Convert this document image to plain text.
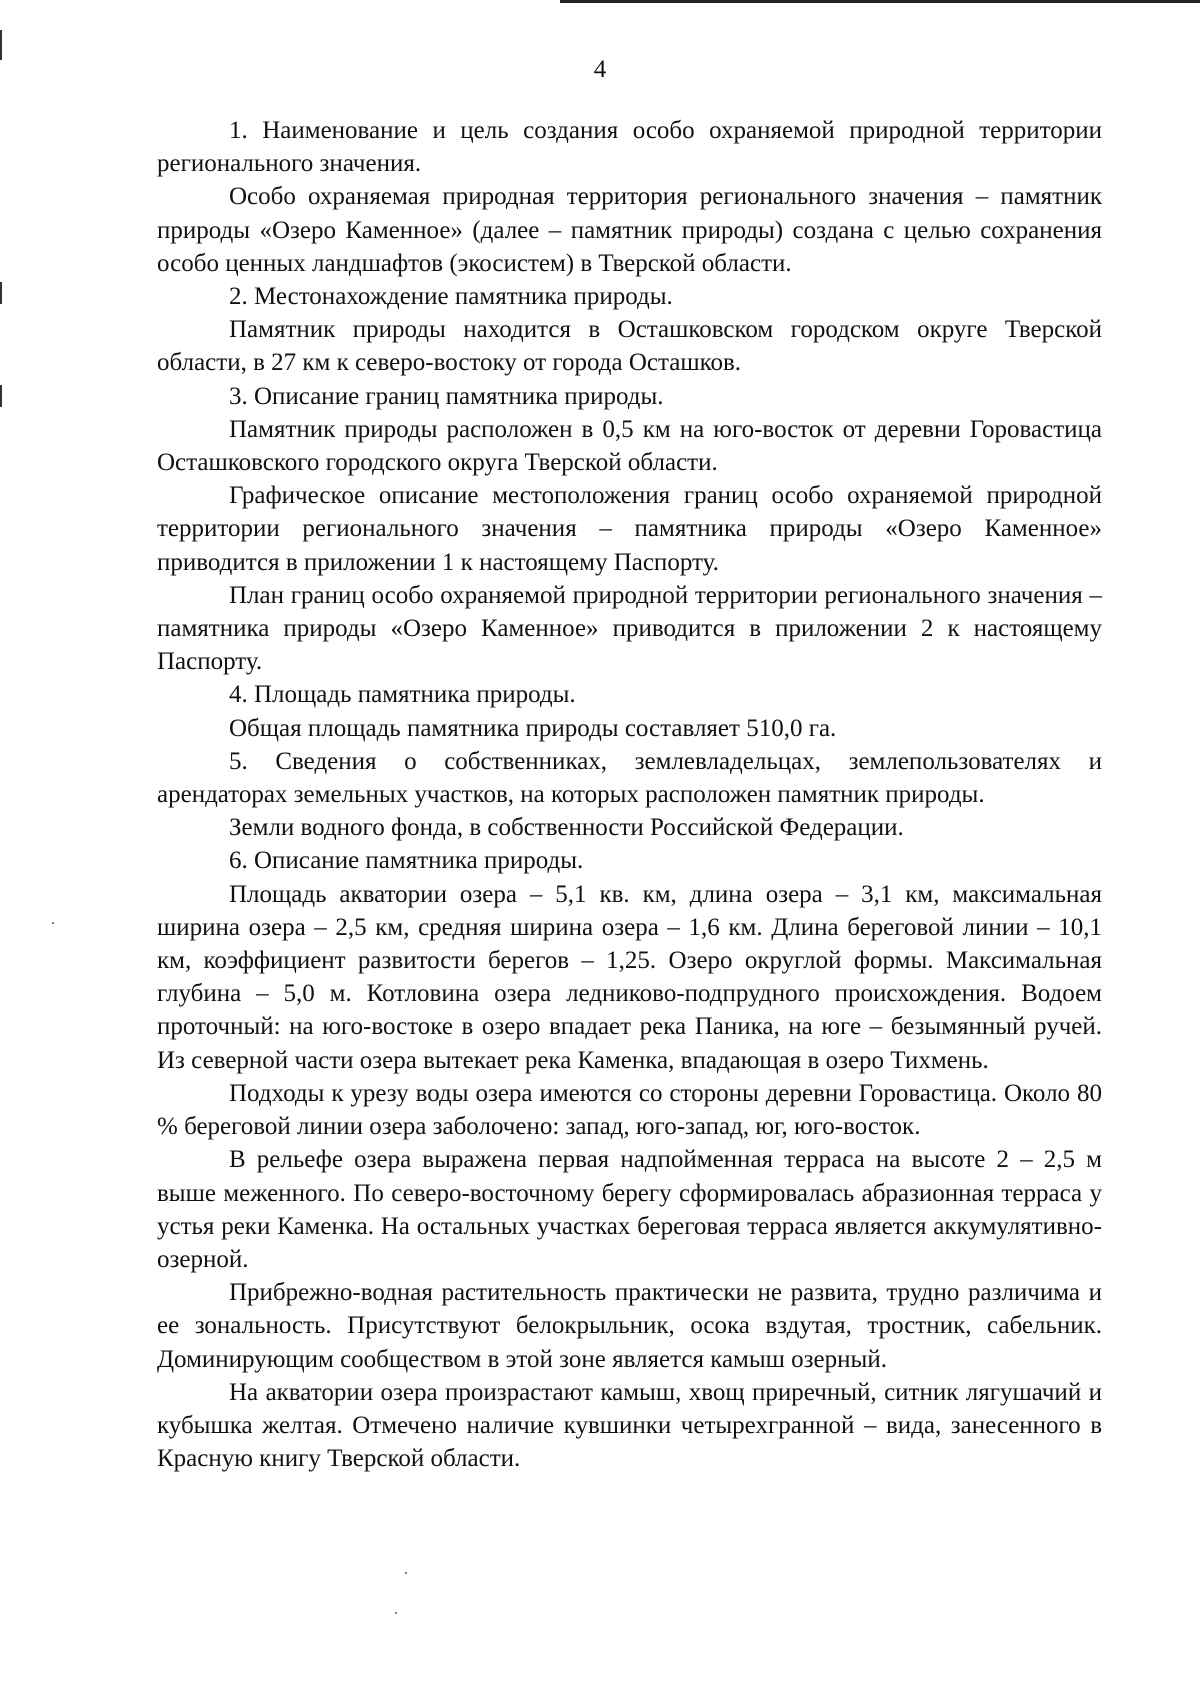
4

1. Наименование и цель создания особо охраняемой природной территории регионального значения.

Особо охраняемая природная территория регионального значения – памятник природы «Озеро Каменное» (далее – памятник природы) создана с целью сохранения особо ценных ландшафтов (экосистем) в Тверской области.

2. Местонахождение памятника природы.

Памятник природы находится в Осташковском городском округе Тверской области, в 27 км к северо-востоку от города Осташков.

3. Описание границ памятника природы.

Памятник природы расположен в 0,5 км на юго-восток от деревни Горовастица Осташковского городского округа Тверской области.

Графическое описание местоположения границ особо охраняемой природной территории регионального значения – памятника природы «Озеро Каменное» приводится в приложении 1 к настоящему Паспорту.

План границ особо охраняемой природной территории регионального значения – памятника природы «Озеро Каменное» приводится в приложении 2 к настоящему Паспорту.

4. Площадь памятника природы.

Общая площадь памятника природы составляет 510,0 га.

5. Сведения о собственниках, землевладельцах, землепользователях и арендаторах земельных участков, на которых расположен памятник природы.

Земли водного фонда, в собственности Российской Федерации.

6. Описание памятника природы.

Площадь акватории озера – 5,1 кв. км, длина озера – 3,1 км, максимальная ширина озера – 2,5 км, средняя ширина озера – 1,6 км. Длина береговой линии – 10,1 км, коэффициент развитости берегов – 1,25. Озеро округлой формы. Максимальная глубина – 5,0 м. Котловина озера ледниково-подпрудного происхождения. Водоем проточный: на юго-востоке в озеро впадает река Паника, на юге – безымянный ручей. Из северной части озера вытекает река Каменка, впадающая в озеро Тихмень.

Подходы к урезу воды озера имеются со стороны деревни Горовастица. Около 80 % береговой линии озера заболочено: запад, юго-запад, юг, юго-восток.

В рельефе озера выражена первая надпойменная терраса на высоте 2 – 2,5 м выше меженного. По северо-восточному берегу сформировалась абразионная терраса у устья реки Каменка. На остальных участках береговая терраса является аккумулятивно-озерной.

Прибрежно-водная растительность практически не развита, трудно различима и ее зональность. Присутствуют белокрыльник, осока вздутая, тростник, сабельник. Доминирующим сообществом в этой зоне является камыш озерный.

На акватории озера произрастают камыш, хвощ приречный, ситник лягушачий и кубышка желтая. Отмечено наличие кувшинки четырехгранной – вида, занесенного в Красную книгу Тверской области.
